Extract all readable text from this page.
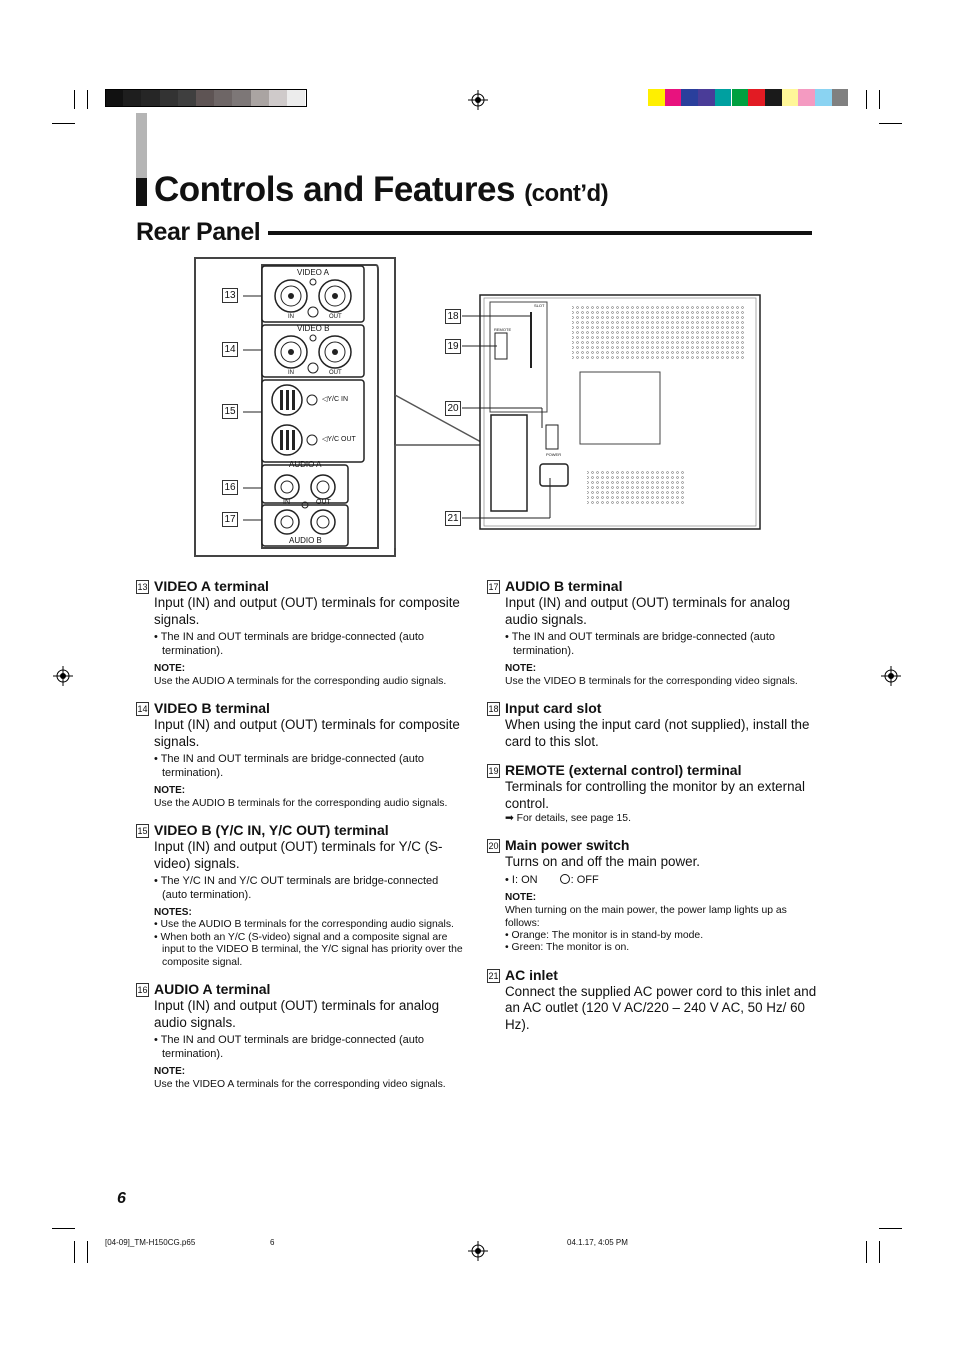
Controls and Features (cont’d)
Rear Panel
VIDEO A
IN	OUT
VIDEO B
IN	OUT
◁Y/C IN
◁Y/C OUT
AUDIO A
IN	OUT
AUDIO B
REMOTE
POWER
SLOT
13
14
15
16
17
18
19
20
21
13 VIDEO A terminal
Input (IN) and output (OUT) terminals for composite signals.
• The IN and OUT terminals are bridge-connected (auto termination).
NOTE:
Use the AUDIO A terminals for the corresponding audio signals.
14 VIDEO B terminal
Input (IN) and output (OUT) terminals for composite signals.
• The IN and OUT terminals are bridge-connected (auto termination).
NOTE:
Use the AUDIO B terminals for the corresponding audio signals.
15 VIDEO B (Y/C IN, Y/C OUT) terminal
Input (IN) and output (OUT) terminals for Y/C (S-video) signals.
• The Y/C IN and Y/C OUT terminals are bridge-connected (auto termination).
NOTES:
• Use the AUDIO B terminals for the corresponding audio signals.
• When both an Y/C (S-video) signal and a composite signal are input to the VIDEO B terminal, the Y/C signal has priority over the composite signal.
16 AUDIO A terminal
Input (IN) and output (OUT) terminals for analog audio signals.
• The IN and OUT terminals are bridge-connected (auto termination).
NOTE:
Use the VIDEO A terminals for the corresponding video signals.
17 AUDIO B terminal
Input (IN) and output (OUT) terminals for analog audio signals.
• The IN and OUT terminals are bridge-connected (auto termination).
NOTE:
Use the VIDEO B terminals for the corresponding video signals.
18 Input card slot
When using the input card (not supplied), install the card to this slot.
19 REMOTE (external control) terminal
Terminals for controlling the monitor by an external control.
➡ For details, see page 15.
20 Main power switch
Turns on and off the main power.
• I: ON	: OFF
NOTE:
When turning on the main power, the power lamp lights up as follows:
• Orange: The monitor is in stand-by mode.
• Green: The monitor is on.
21 AC inlet
Connect the supplied AC power cord to this inlet and an AC outlet (120 V AC/220 – 240 V AC, 50 Hz/ 60 Hz).
6
[04-09]_TM-H150CG.p65	6	04.1.17, 4:05 PM
